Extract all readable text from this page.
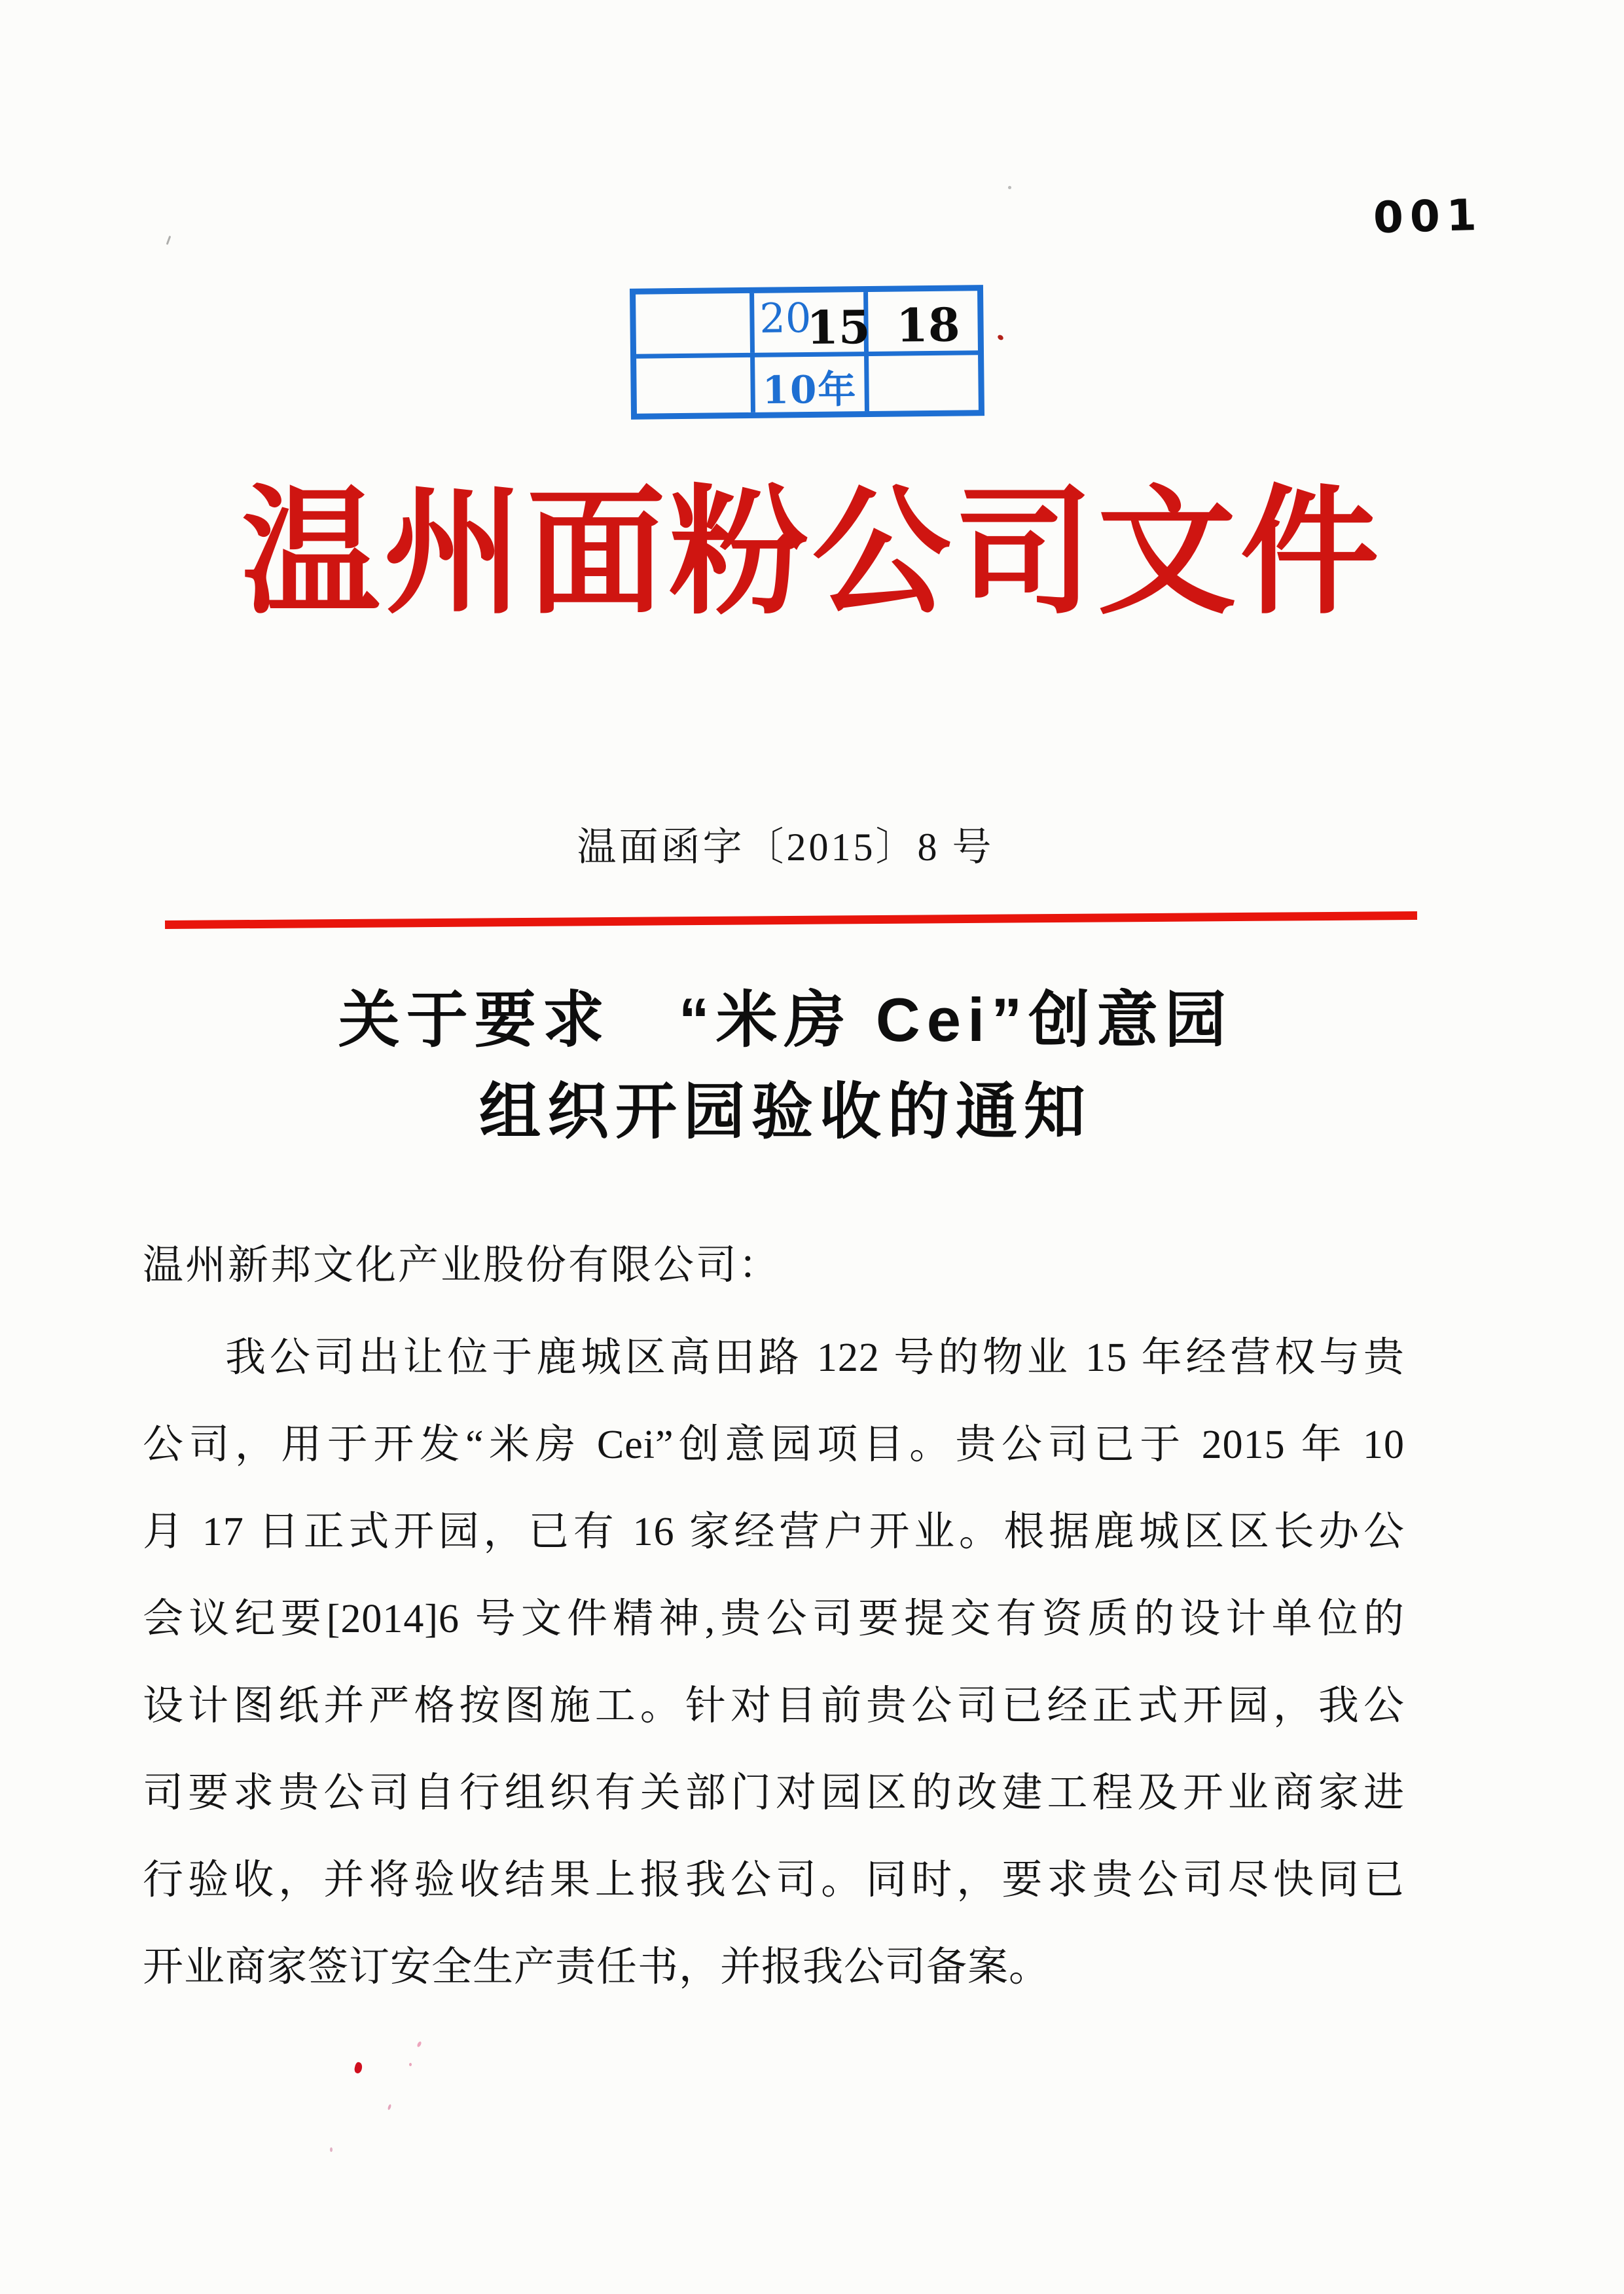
001
20
15 18
10年
温州面粉公司文件
温面函字〔2015〕8 号
关于要求　“米房 Cei”创意园
组织开园验收的通知
温州新邦文化产业股份有限公司：
我公司出让位于鹿城区高田路 122 号的物业 15 年经营权与贵
公司，用于开发“米房 Cei”创意园项目。贵公司已于 2015 年 10
月 17 日正式开园，已有 16 家经营户开业。根据鹿城区区长办公
会议纪要[2014]6 号文件精神,贵公司要提交有资质的设计单位的
设计图纸并严格按图施工。针对目前贵公司已经正式开园，我公
司要求贵公司自行组织有关部门对园区的改建工程及开业商家进
行验收，并将验收结果上报我公司。同时，要求贵公司尽快同已
开业商家签订安全生产责任书，并报我公司备案。
